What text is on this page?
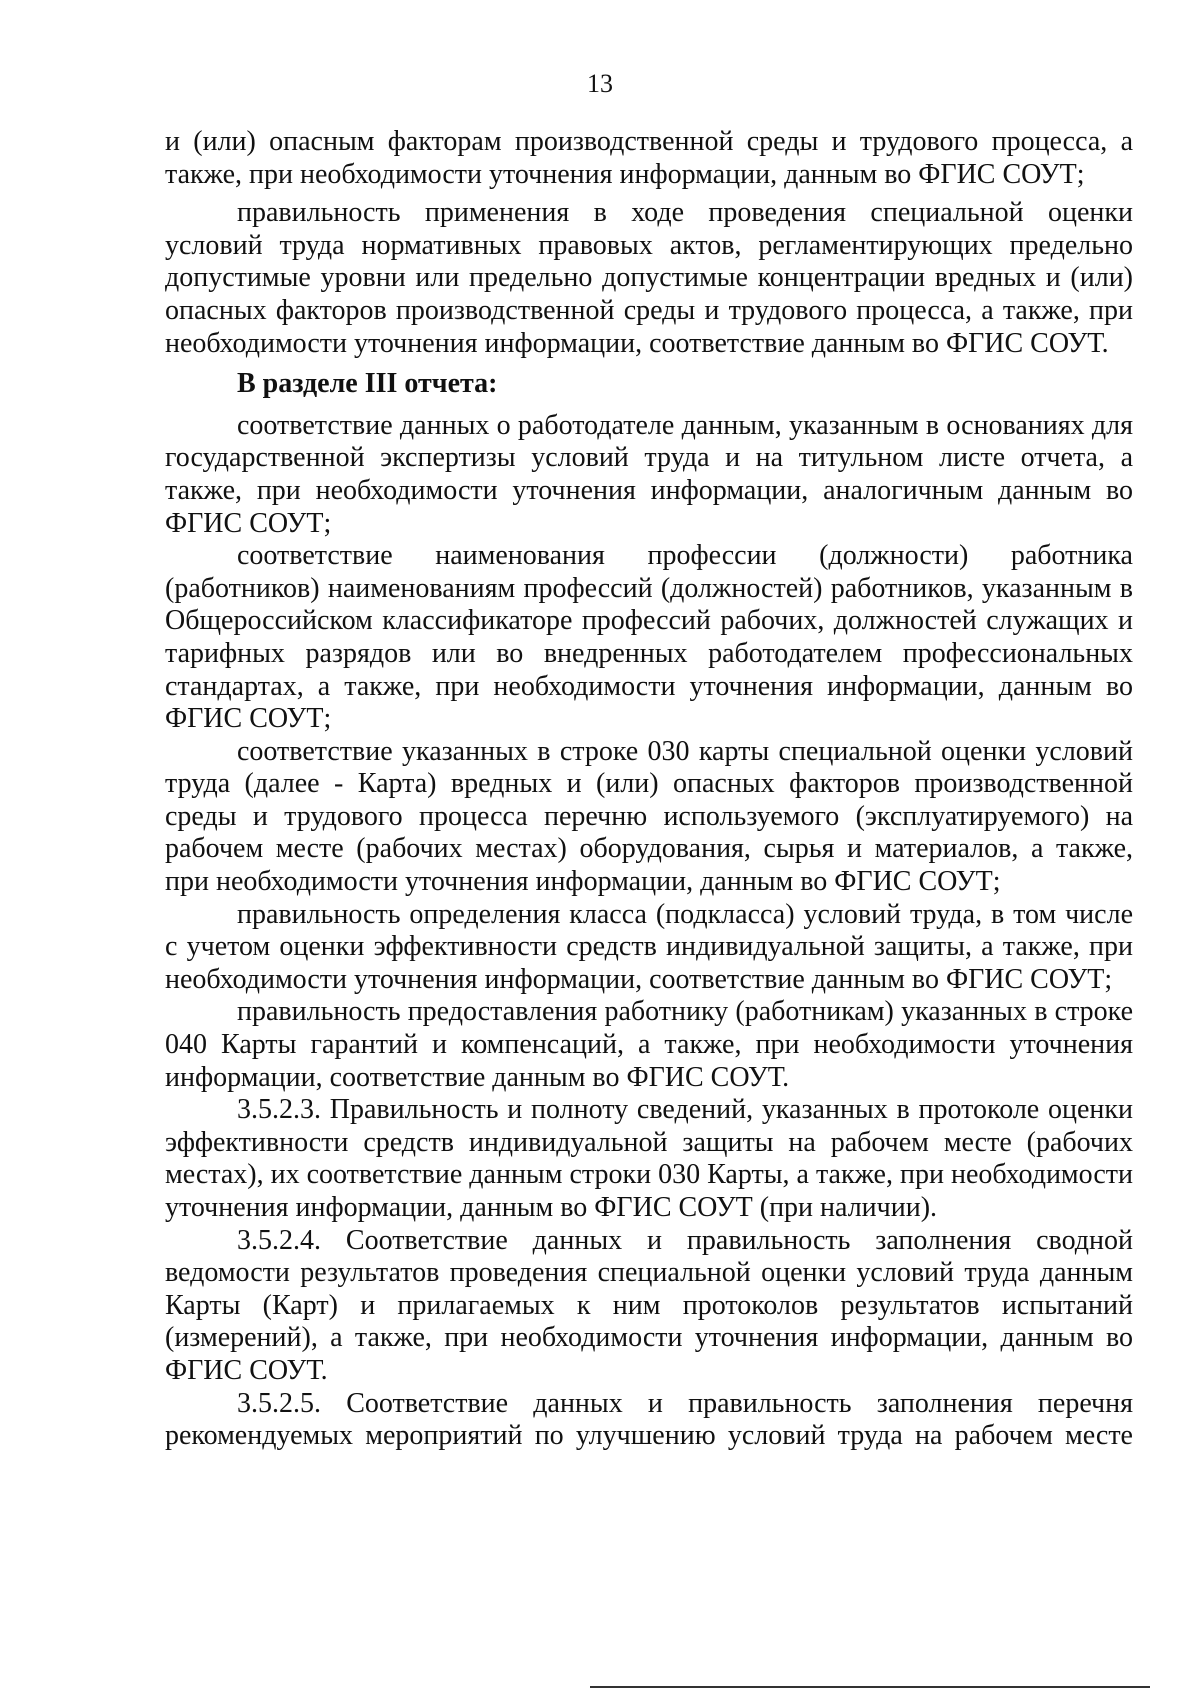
13

и (или) опасным факторам производственной среды и трудового процесса, а также, при необходимости уточнения информации, данным во ФГИС СОУТ;

правильность применения в ходе проведения специальной оценки условий труда нормативных правовых актов, регламентирующих предельно допустимые уровни или предельно допустимые концентрации вредных и (или) опасных факторов производственной среды и трудового процесса, а также, при необходимости уточнения информации, соответствие данным во ФГИС СОУТ.

В разделе III отчета:

соответствие данных о работодателе данным, указанным в основаниях для государственной экспертизы условий труда и на титульном листе отчета, а также, при необходимости уточнения информации, аналогичным данным во ФГИС СОУТ;

соответствие наименования профессии (должности) работника (работников) наименованиям профессий (должностей) работников, указанным в Общероссийском классификаторе профессий рабочих, должностей служащих и тарифных разрядов или во внедренных работодателем профессиональных стандартах, а также, при необходимости уточнения информации, данным во ФГИС СОУТ;

соответствие указанных в строке 030 карты специальной оценки условий труда (далее - Карта) вредных и (или) опасных факторов производственной среды и трудового процесса перечню используемого (эксплуатируемого) на рабочем месте (рабочих местах) оборудования, сырья и материалов, а также, при необходимости уточнения информации, данным во ФГИС СОУТ;

правильность определения класса (подкласса) условий труда, в том числе с учетом оценки эффективности средств индивидуальной защиты, а также, при необходимости уточнения информации, соответствие данным во ФГИС СОУТ;

правильность предоставления работнику (работникам) указанных в строке 040 Карты гарантий и компенсаций, а также, при необходимости уточнения информации, соответствие данным во ФГИС СОУТ.

3.5.2.3. Правильность и полноту сведений, указанных в протоколе оценки эффективности средств индивидуальной защиты на рабочем месте (рабочих местах), их соответствие данным строки 030 Карты, а также, при необходимости уточнения информации, данным во ФГИС СОУТ (при наличии).

3.5.2.4. Соответствие данных и правильность заполнения сводной ведомости результатов проведения специальной оценки условий труда данным Карты (Карт) и прилагаемых к ним протоколов результатов испытаний (измерений), а также, при необходимости уточнения информации, данным во ФГИС СОУТ.

3.5.2.5. Соответствие данных и правильность заполнения перечня рекомендуемых мероприятий по улучшению условий труда на рабочем месте
